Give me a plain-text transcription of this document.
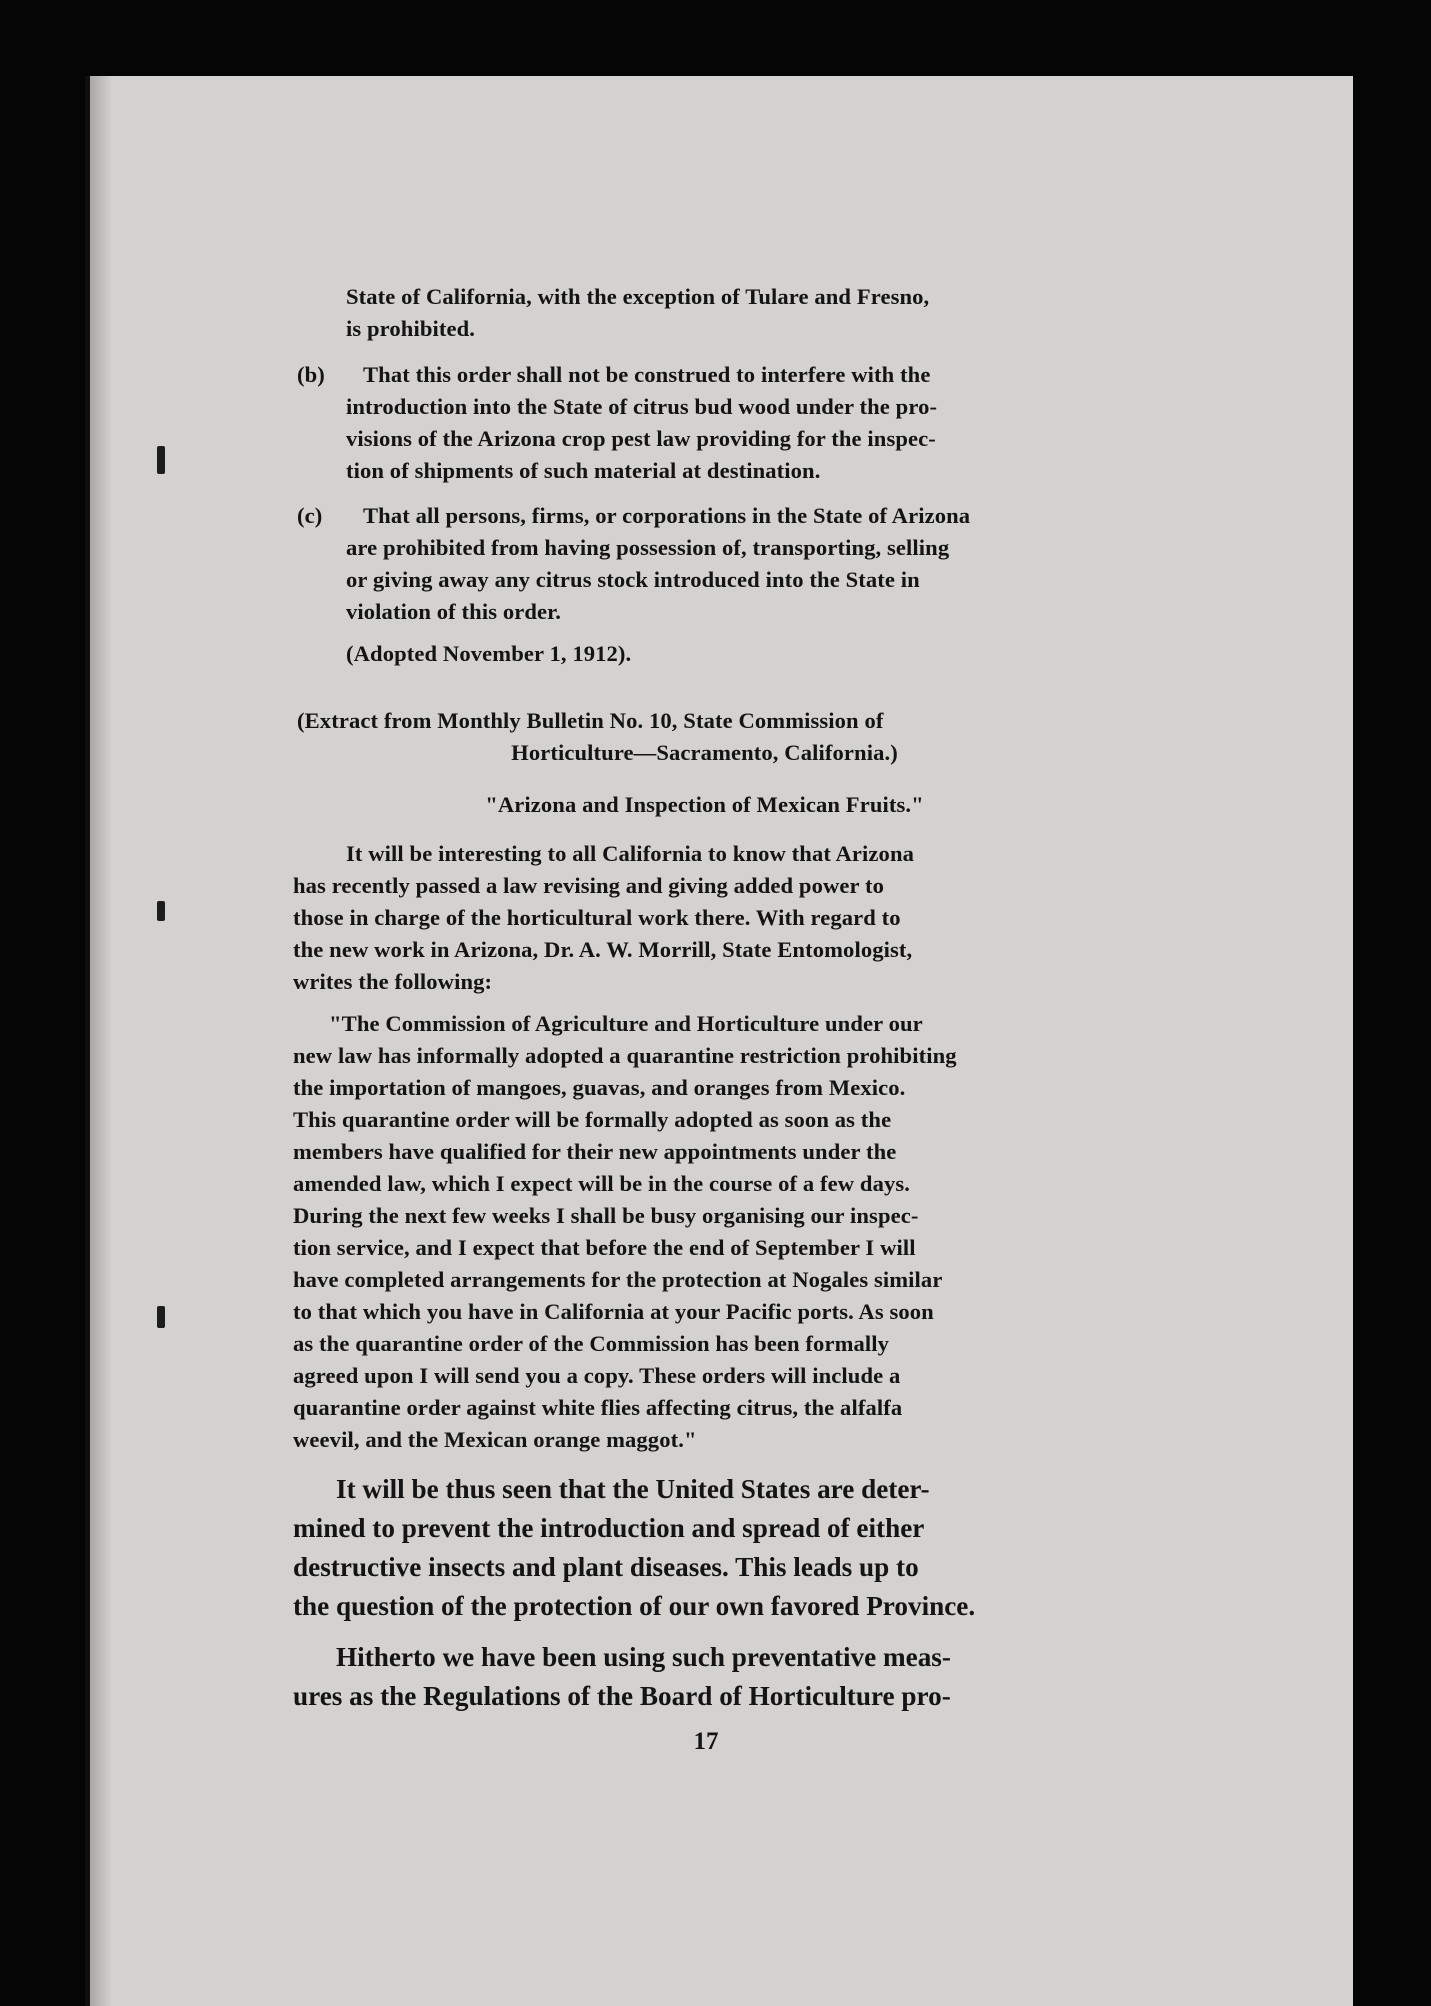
State of California, with the exception of Tulare and Fresno,
is prohibited.
(b) That this order shall not be construed to interfere with the
introduction into the State of citrus bud wood under the pro-
visions of the Arizona crop pest law providing for the inspec-
tion of shipments of such material at destination.
(c) That all persons, firms, or corporations in the State of Arizona
are prohibited from having possession of, transporting, selling
or giving away any citrus stock introduced into the State in
violation of this order.
(Adopted November 1, 1912).
(Extract from Monthly Bulletin No. 10, State Commission of
Horticulture—Sacramento, California.)
"Arizona and Inspection of Mexican Fruits."
It will be interesting to all California to know that Arizona
has recently passed a law revising and giving added power to
those in charge of the horticultural work there. With regard to
the new work in Arizona, Dr. A. W. Morrill, State Entomologist,
writes the following:
"The Commission of Agriculture and Horticulture under our
new law has informally adopted a quarantine restriction prohibiting
the importation of mangoes, guavas, and oranges from Mexico.
This quarantine order will be formally adopted as soon as the
members have qualified for their new appointments under the
amended law, which I expect will be in the course of a few days.
During the next few weeks I shall be busy organising our inspec-
tion service, and I expect that before the end of September I will
have completed arrangements for the protection at Nogales similar
to that which you have in California at your Pacific ports. As soon
as the quarantine order of the Commission has been formally
agreed upon I will send you a copy. These orders will include a
quarantine order against white flies affecting citrus, the alfalfa
weevil, and the Mexican orange maggot."
It will be thus seen that the United States are deter-
mined to prevent the introduction and spread of either
destructive insects and plant diseases. This leads up to
the question of the protection of our own favored Province.
Hitherto we have been using such preventative meas-
ures as the Regulations of the Board of Horticulture pro-
17
